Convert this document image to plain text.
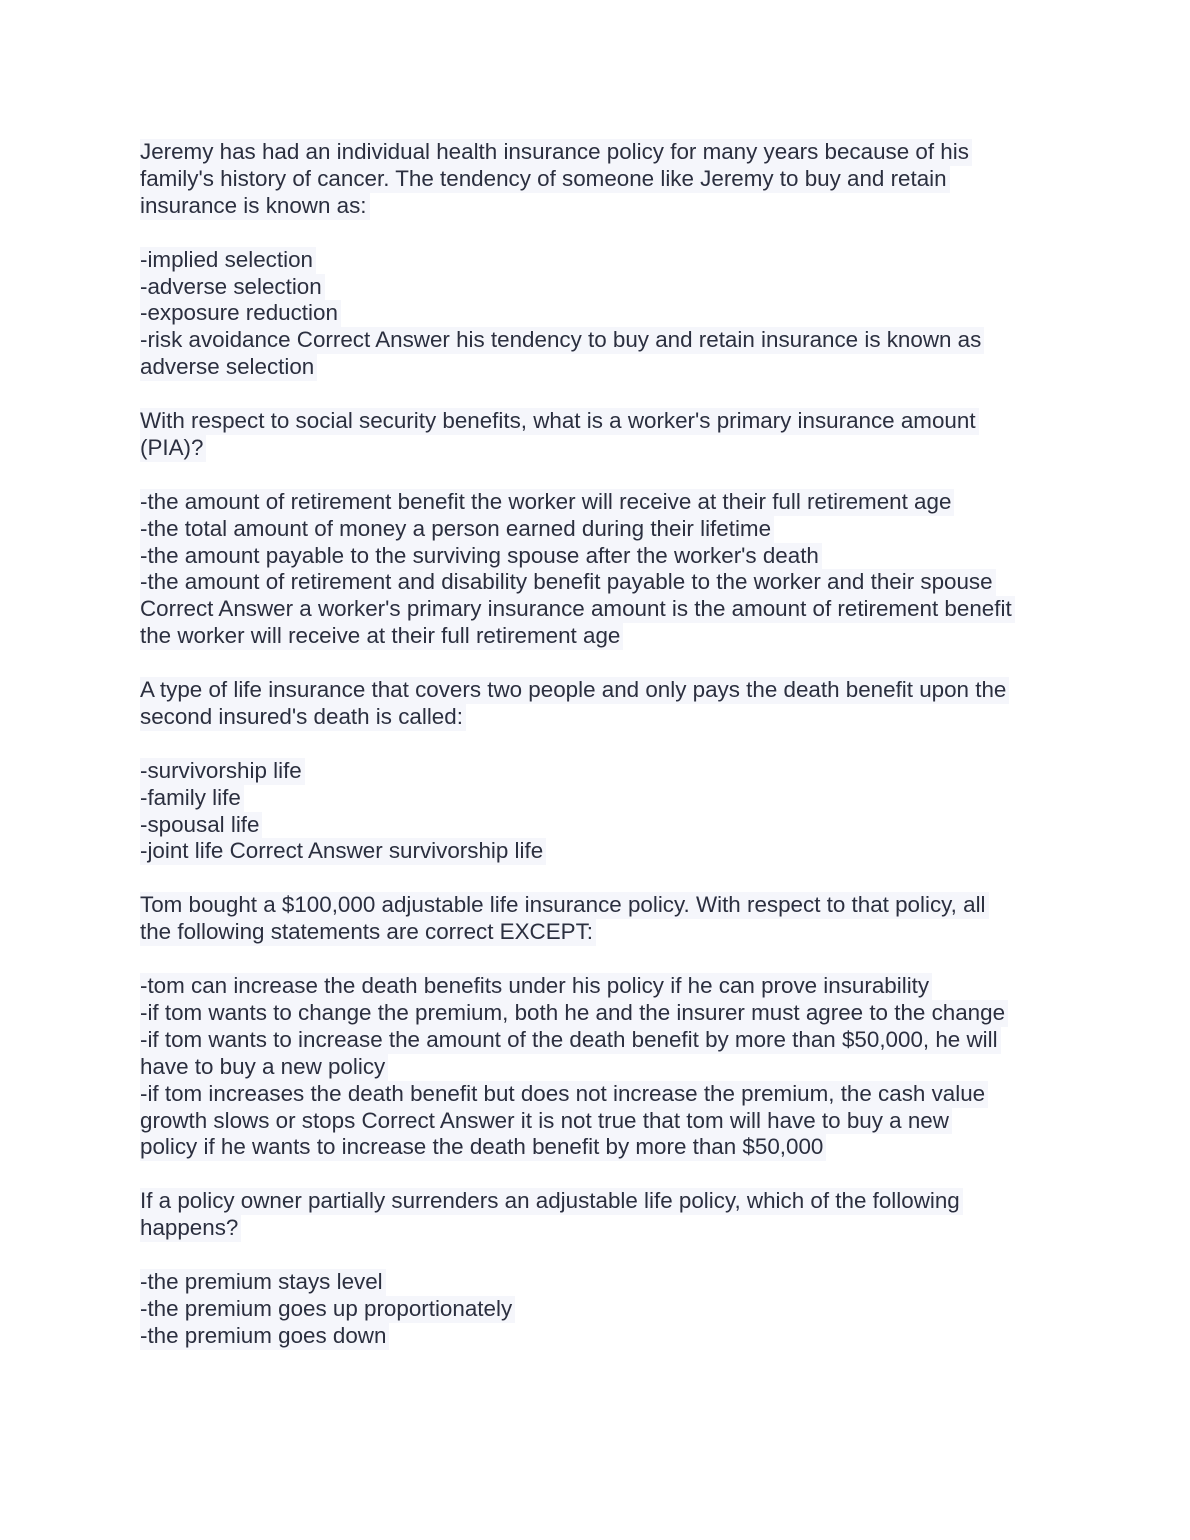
Jeremy has had an individual health insurance policy for many years because of his
family's history of cancer. The tendency of someone like Jeremy to buy and retain
insurance is known as:
-implied selection
-adverse selection
-exposure reduction
-risk avoidance Correct Answer his tendency to buy and retain insurance is known as
adverse selection
With respect to social security benefits, what is a worker's primary insurance amount
(PIA)?
-the amount of retirement benefit the worker will receive at their full retirement age
-the total amount of money a person earned during their lifetime
-the amount payable to the surviving spouse after the worker's death
-the amount of retirement and disability benefit payable to the worker and their spouse
Correct Answer a worker's primary insurance amount is the amount of retirement benefit
the worker will receive at their full retirement age
A type of life insurance that covers two people and only pays the death benefit upon the
second insured's death is called:
-survivorship life
-family life
-spousal life
-joint life Correct Answer survivorship life
Tom bought a $100,000 adjustable life insurance policy. With respect to that policy, all
the following statements are correct EXCEPT:
-tom can increase the death benefits under his policy if he can prove insurability
-if tom wants to change the premium, both he and the insurer must agree to the change
-if tom wants to increase the amount of the death benefit by more than $50,000, he will
have to buy a new policy
-if tom increases the death benefit but does not increase the premium, the cash value
growth slows or stops Correct Answer it is not true that tom will have to buy a new
policy if he wants to increase the death benefit by more than $50,000
If a policy owner partially surrenders an adjustable life policy, which of the following
happens?
-the premium stays level
-the premium goes up proportionately
-the premium goes down
